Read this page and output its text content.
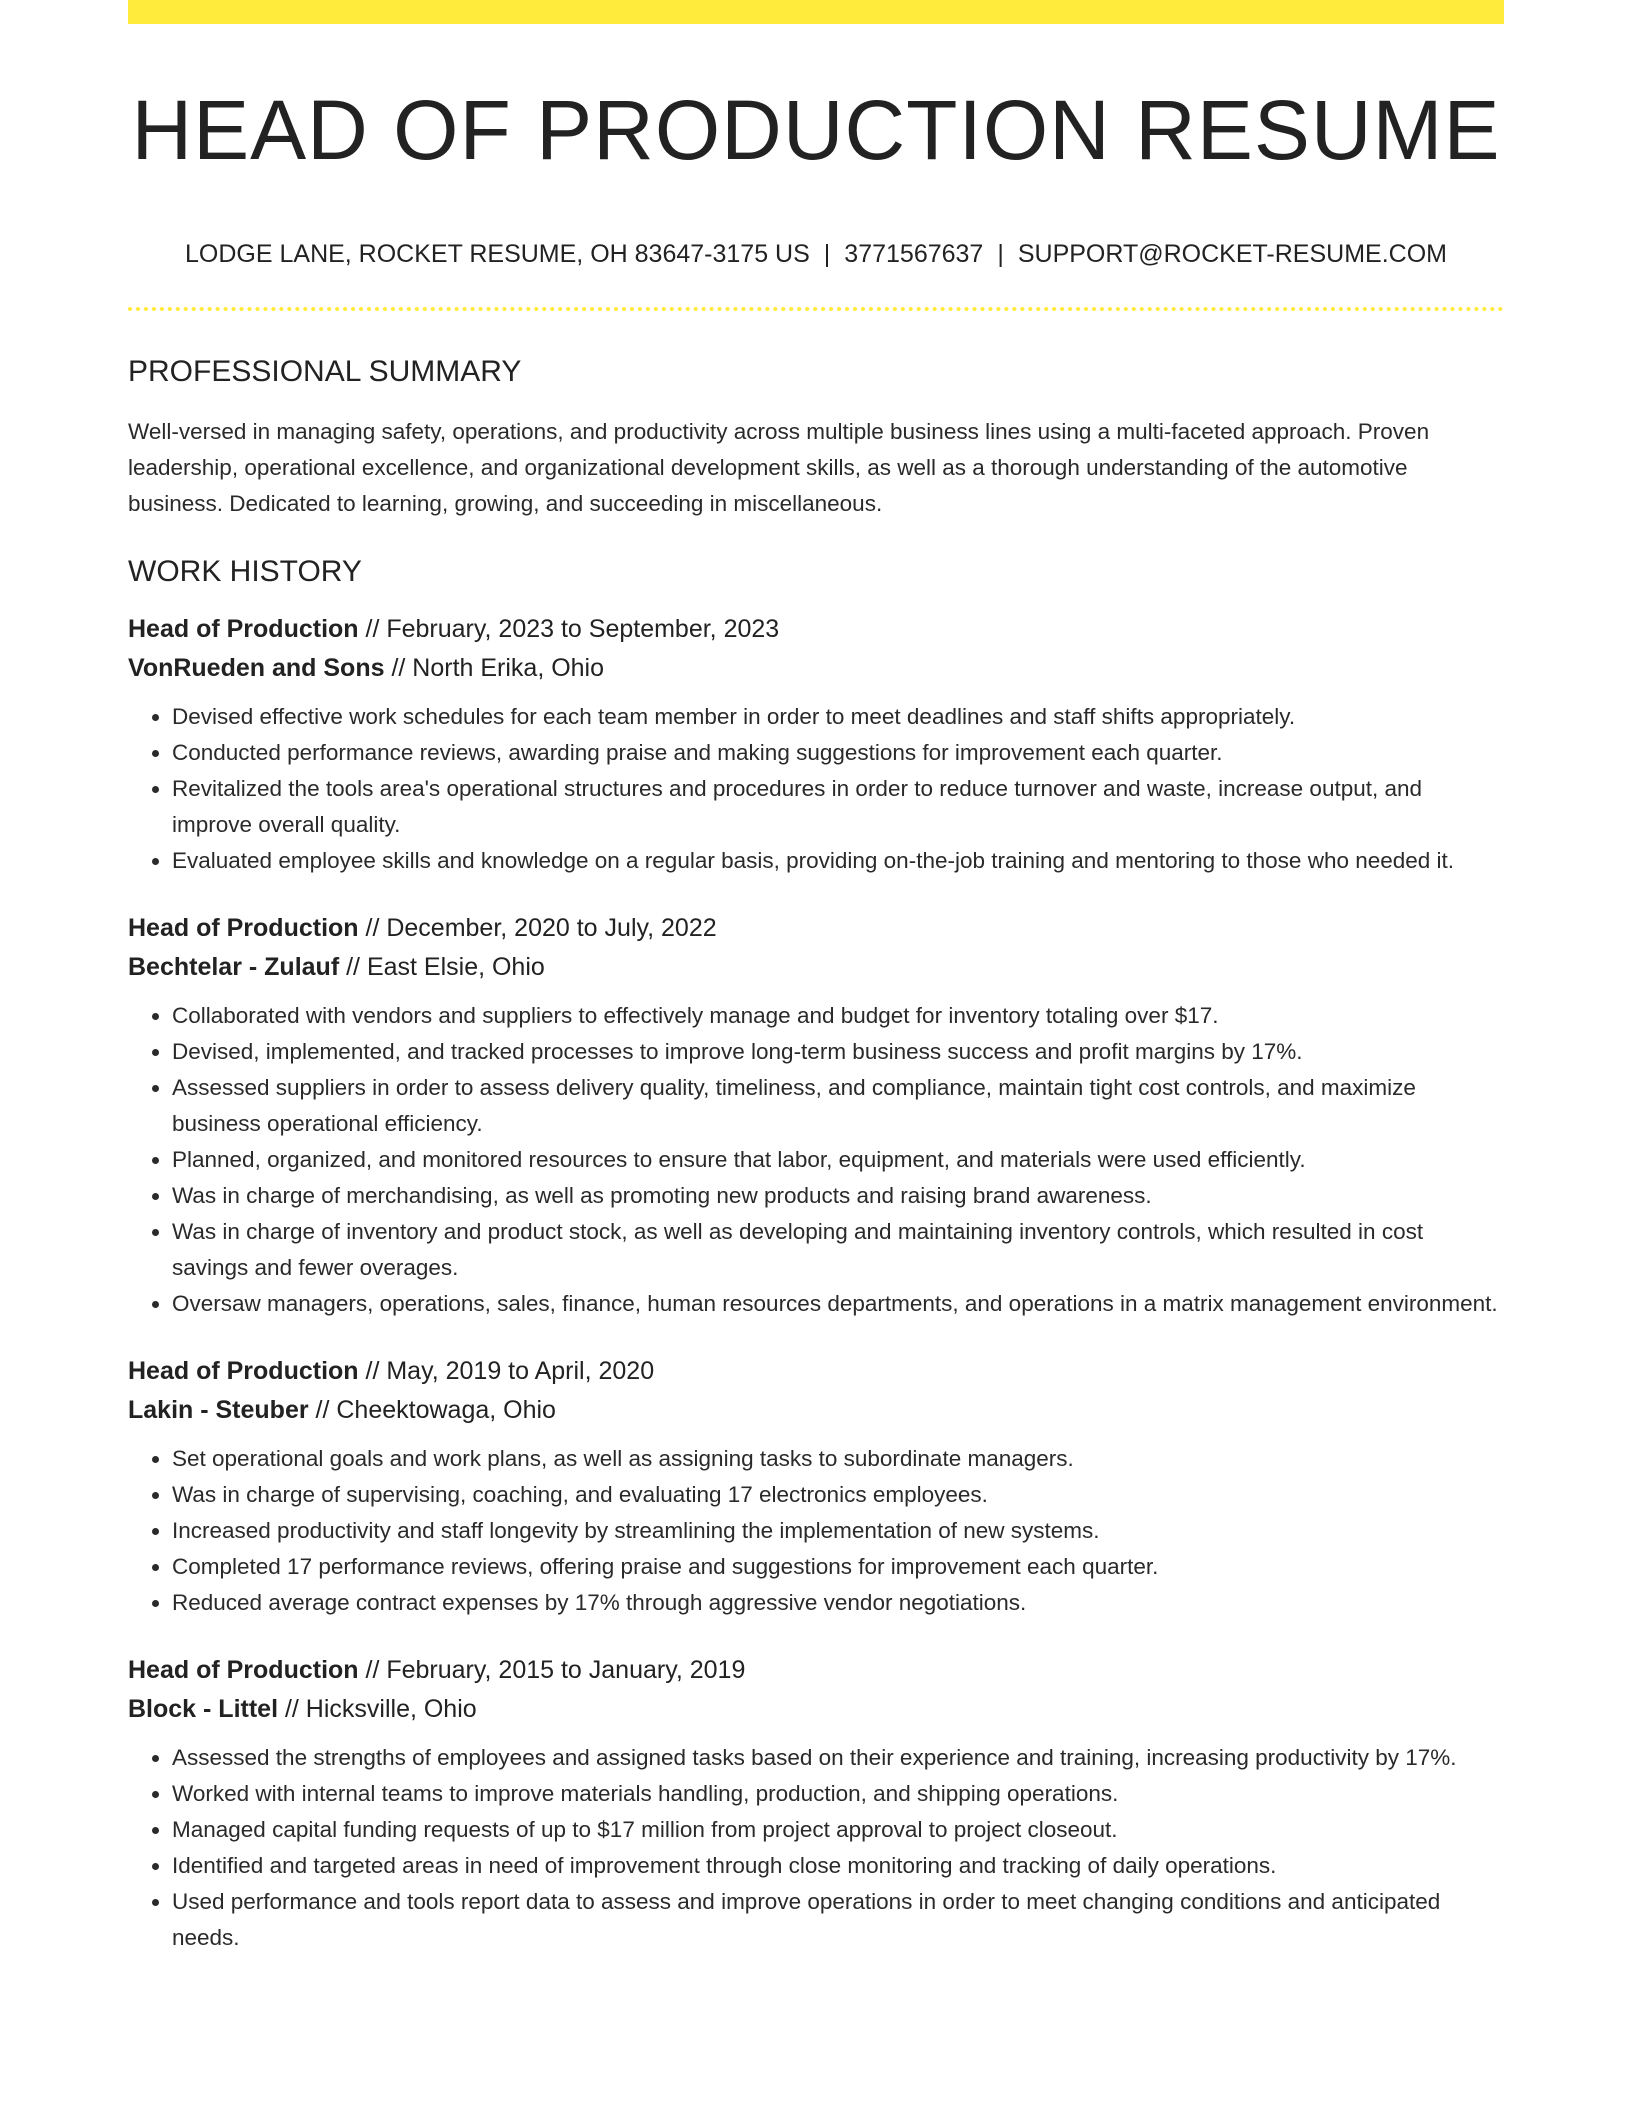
HEAD OF PRODUCTION RESUME
LODGE LANE, ROCKET RESUME, OH 83647-3175 US | 3771567637 | SUPPORT@ROCKET-RESUME.COM
PROFESSIONAL SUMMARY

Well-versed in managing safety, operations, and productivity across multiple business lines using a multi-faceted approach. Proven leadership, operational excellence, and organizational development skills, as well as a thorough understanding of the automotive business. Dedicated to learning, growing, and succeeding in miscellaneous.

WORK HISTORY
Head of Production // February, 2023 to September, 2023
VonRueden and Sons // North Erika, Ohio
• Devised effective work schedules for each team member in order to meet deadlines and staff shifts appropriately.
• Conducted performance reviews, awarding praise and making suggestions for improvement each quarter.
• Revitalized the tools area's operational structures and procedures in order to reduce turnover and waste, increase output, and improve overall quality.
• Evaluated employee skills and knowledge on a regular basis, providing on-the-job training and mentoring to those who needed it.
Head of Production // December, 2020 to July, 2022
Bechtelar - Zulauf // East Elsie, Ohio
• Collaborated with vendors and suppliers to effectively manage and budget for inventory totaling over $17.
• Devised, implemented, and tracked processes to improve long-term business success and profit margins by 17%.
• Assessed suppliers in order to assess delivery quality, timeliness, and compliance, maintain tight cost controls, and maximize business operational efficiency.
• Planned, organized, and monitored resources to ensure that labor, equipment, and materials were used efficiently.
• Was in charge of merchandising, as well as promoting new products and raising brand awareness.
• Was in charge of inventory and product stock, as well as developing and maintaining inventory controls, which resulted in cost savings and fewer overages.
• Oversaw managers, operations, sales, finance, human resources departments, and operations in a matrix management environment.
Head of Production // May, 2019 to April, 2020
Lakin - Steuber // Cheektowaga, Ohio
• Set operational goals and work plans, as well as assigning tasks to subordinate managers.
• Was in charge of supervising, coaching, and evaluating 17 electronics employees.
• Increased productivity and staff longevity by streamlining the implementation of new systems.
• Completed 17 performance reviews, offering praise and suggestions for improvement each quarter.
• Reduced average contract expenses by 17% through aggressive vendor negotiations.
Head of Production // February, 2015 to January, 2019
Block - Littel // Hicksville, Ohio
• Assessed the strengths of employees and assigned tasks based on their experience and training, increasing productivity by 17%.
• Worked with internal teams to improve materials handling, production, and shipping operations.
• Managed capital funding requests of up to $17 million from project approval to project closeout.
• Identified and targeted areas in need of improvement through close monitoring and tracking of daily operations.
• Used performance and tools report data to assess and improve operations in order to meet changing conditions and anticipated needs.
